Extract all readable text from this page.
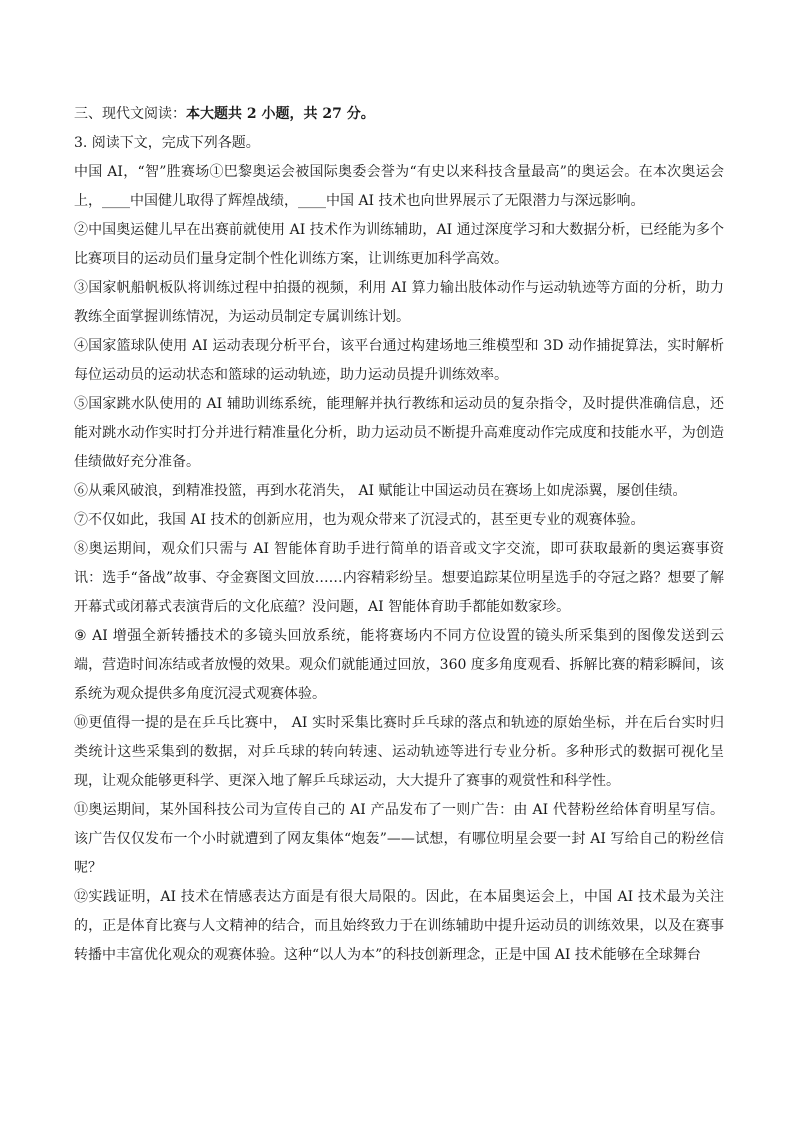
三、现代文阅读：本大题共 2 小题，共 27 分。

3. 阅读下文，完成下列各题。

中国 AI，“智”胜赛场①巴黎奥运会被国际奥委会誉为“有史以来科技含量最高”的奥运会。在本次奥运会上，____中国健儿取得了辉煌战绩，____中国 AI 技术也向世界展示了无限潜力与深远影响。

②中国奥运健儿早在出赛前就使用 AI 技术作为训练辅助，AI 通过深度学习和大数据分析，已经能为多个比赛项目的运动员们量身定制个性化训练方案，让训练更加科学高效。

③国家帆船帆板队将训练过程中拍摄的视频，利用 AI 算力输出肢体动作与运动轨迹等方面的分析，助力教练全面掌握训练情况，为运动员制定专属训练计划。

④国家篮球队使用 AI 运动表现分析平台，该平台通过构建场地三维模型和 3D 动作捕捉算法，实时解析每位运动员的运动状态和篮球的运动轨迹，助力运动员提升训练效率。

⑤国家跳水队使用的 AI 辅助训练系统，能理解并执行教练和运动员的复杂指令，及时提供准确信息，还能对跳水动作实时打分并进行精准量化分析，助力运动员不断提升高难度动作完成度和技能水平，为创造佳绩做好充分准备。

⑥从乘风破浪，到精准投篮，再到水花消失， AI 赋能让中国运动员在赛场上如虎添翼，屡创佳绩。

⑦不仅如此，我国 AI 技术的创新应用，也为观众带来了沉浸式的，甚至更专业的观赛体验。

⑧奥运期间，观众们只需与 AI 智能体育助手进行简单的语音或文字交流，即可获取最新的奥运赛事资讯：选手“备战”故事、夺金赛图文回放……内容精彩纷呈。想要追踪某位明星选手的夺冠之路？想要了解开幕式或闭幕式表演背后的文化底蕴？没问题，AI 智能体育助手都能如数家珍。

⑨ AI 增强全新转播技术的多镜头回放系统，能将赛场内不同方位设置的镜头所采集到的图像发送到云端，营造时间冻结或者放慢的效果。观众们就能通过回放，360 度多角度观看、拆解比赛的精彩瞬间，该系统为观众提供多角度沉浸式观赛体验。

⑩更值得一提的是在乒乓比赛中， AI 实时采集比赛时乒乓球的落点和轨迹的原始坐标，并在后台实时归类统计这些采集到的数据，对乒乓球的转向转速、运动轨迹等进行专业分析。多种形式的数据可视化呈现，让观众能够更科学、更深入地了解乒乓球运动，大大提升了赛事的观赏性和科学性。

⑪奥运期间，某外国科技公司为宣传自己的 AI 产品发布了一则广告：由 AI 代替粉丝给体育明星写信。该广告仅仅发布一个小时就遭到了网友集体“炮轰”——试想，有哪位明星会要一封 AI 写给自己的粉丝信呢？

⑫实践证明，AI 技术在情感表达方面是有很大局限的。因此，在本届奥运会上，中国 AI 技术最为关注的，正是体育比赛与人文精神的结合，而且始终致力于在训练辅助中提升运动员的训练效果，以及在赛事转播中丰富优化观众的观赛体验。这种“以人为本”的科技创新理念，正是中国 AI 技术能够在全球舞台
